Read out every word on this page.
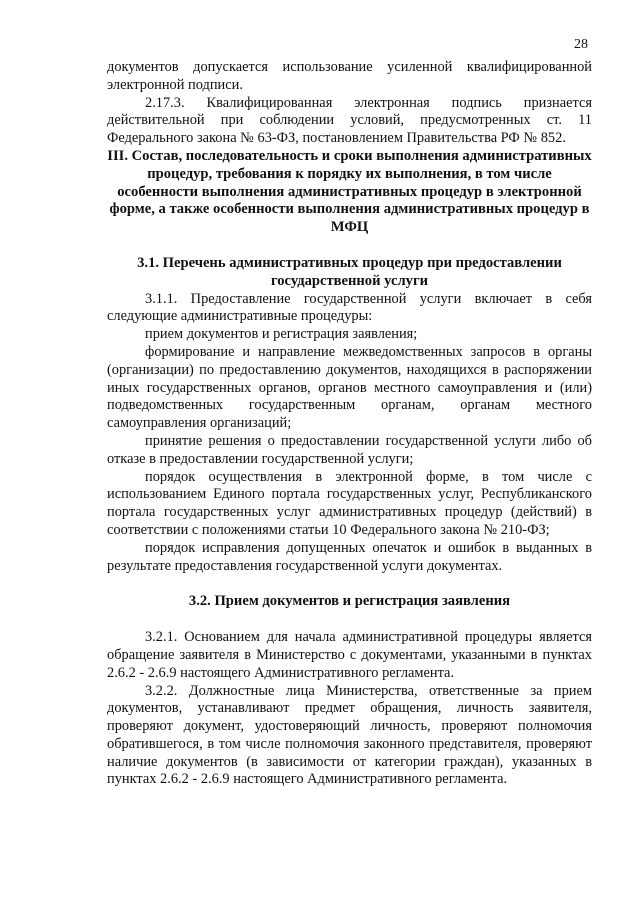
28

документов допускается использование усиленной квалифицированной электронной подписи.

2.17.3. Квалифицированная электронная подпись признается действительной при соблюдении условий, предусмотренных ст. 11 Федерального закона № 63-ФЗ, постановлением Правительства РФ № 852.

III. Состав, последовательность и сроки выполнения административных процедур, требования к порядку их выполнения, в том числе особенности выполнения административных процедур в электронной форме, а также особенности выполнения административных процедур в МФЦ

3.1. Перечень административных процедур при предоставлении государственной услуги

3.1.1. Предоставление государственной услуги включает в себя следующие административные процедуры:

прием документов и регистрация заявления;

формирование и направление межведомственных запросов в органы (организации) по предоставлению документов, находящихся в распоряжении иных государственных органов, органов местного самоуправления и (или) подведомственных государственным органам, органам местного самоуправления организаций;

принятие решения о предоставлении государственной услуги либо об отказе в предоставлении государственной услуги;

порядок осуществления в электронной форме, в том числе с использованием Единого портала государственных услуг, Республиканского портала государственных услуг административных процедур (действий) в соответствии с положениями статьи 10 Федерального закона № 210-ФЗ;

порядок исправления допущенных опечаток и ошибок в выданных в результате предоставления государственной услуги документах.

3.2. Прием документов и регистрация заявления

3.2.1. Основанием для начала административной процедуры является обращение заявителя в Министерство с документами, указанными в пунктах 2.6.2 - 2.6.9 настоящего Административного регламента.

3.2.2. Должностные лица Министерства, ответственные за прием документов, устанавливают предмет обращения, личность заявителя, проверяют документ, удостоверяющий личность, проверяют полномочия обратившегося, в том числе полномочия законного представителя, проверяют наличие документов (в зависимости от категории граждан), указанных в пунктах 2.6.2 - 2.6.9 настоящего Административного регламента.
